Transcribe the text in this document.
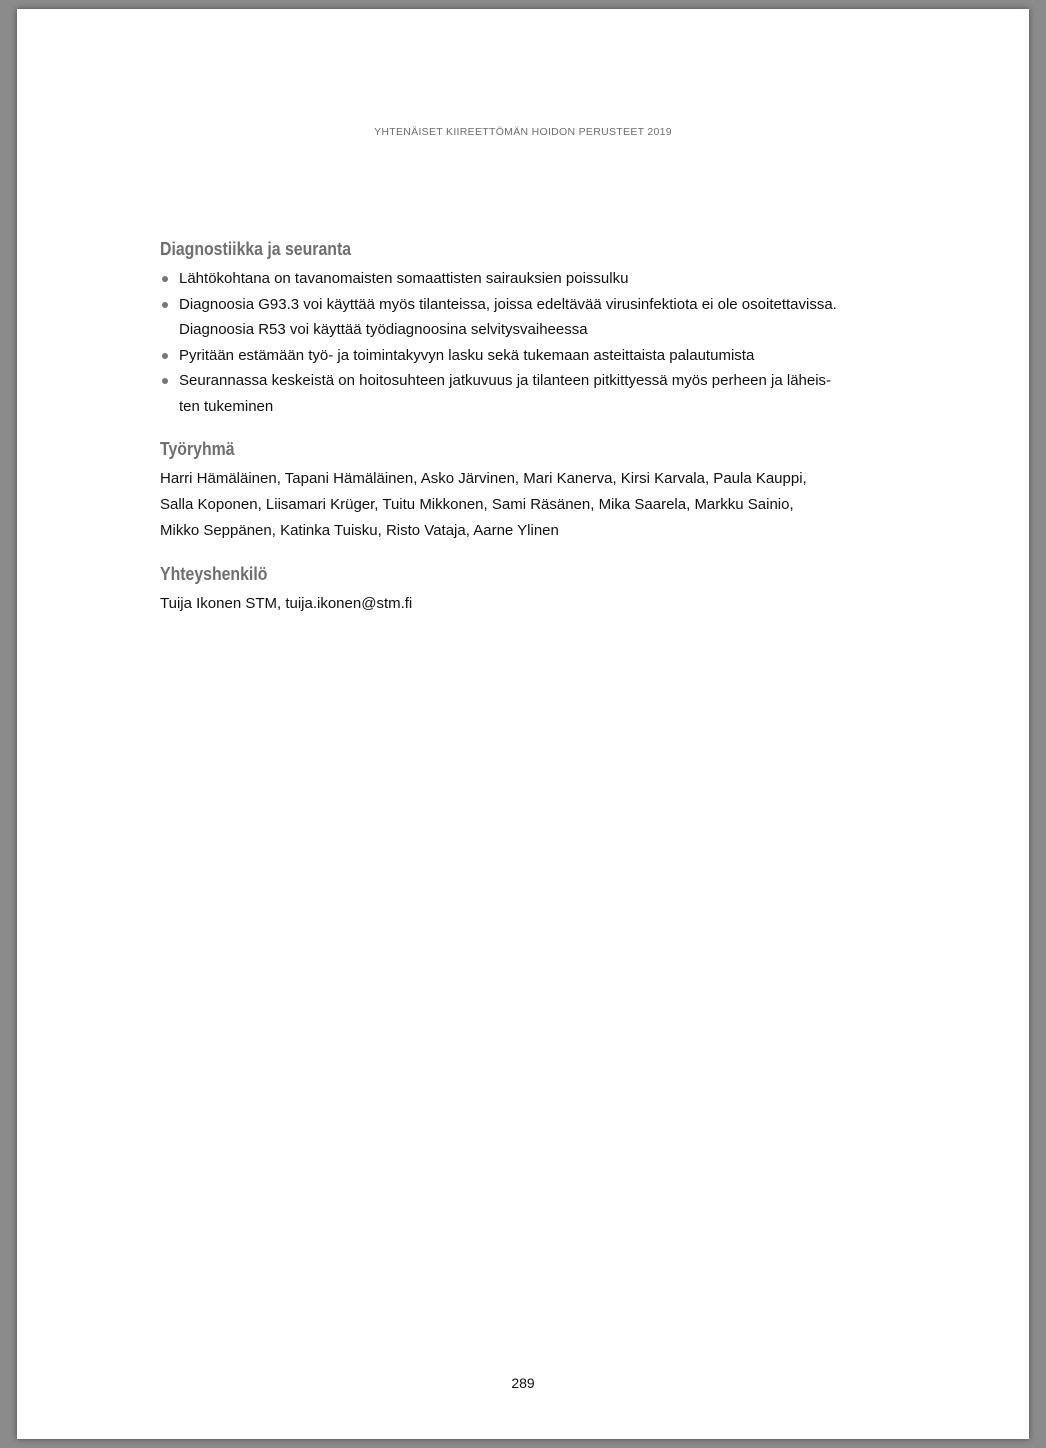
YHTENÄISET KIIREETTÖMÄN HOIDON PERUSTEET 2019
Diagnostiikka ja seuranta
Lähtökohtana on tavanomaisten somaattisten sairauksien poissulku
Diagnoosia G93.3 voi käyttää myös tilanteissa, joissa edeltävää virusinfektiota ei ole osoitettavissa.
Diagnoosia R53 voi käyttää työdiagnoosina selvitysvaiheessa
Pyritään estämään työ- ja toimintakyvyn lasku sekä tukemaan asteittaista palautumista
Seurannassa keskeistä on hoitosuhteen jatkuvuus ja tilanteen pitkittyessä myös perheen ja läheis-
ten tukeminen
Työryhmä

Harri Hämäläinen, Tapani Hämäläinen, Asko Järvinen, Mari Kanerva, Kirsi Karvala, Paula Kauppi,
Salla Koponen, Liisamari Krüger, Tuitu Mikkonen, Sami Räsänen, Mika Saarela, Markku Sainio,
Mikko Seppänen, Katinka Tuisku, Risto Vataja, Aarne Ylinen

Yhteyshenkilö

Tuija Ikonen STM, tuija.ikonen@stm.fi

289
